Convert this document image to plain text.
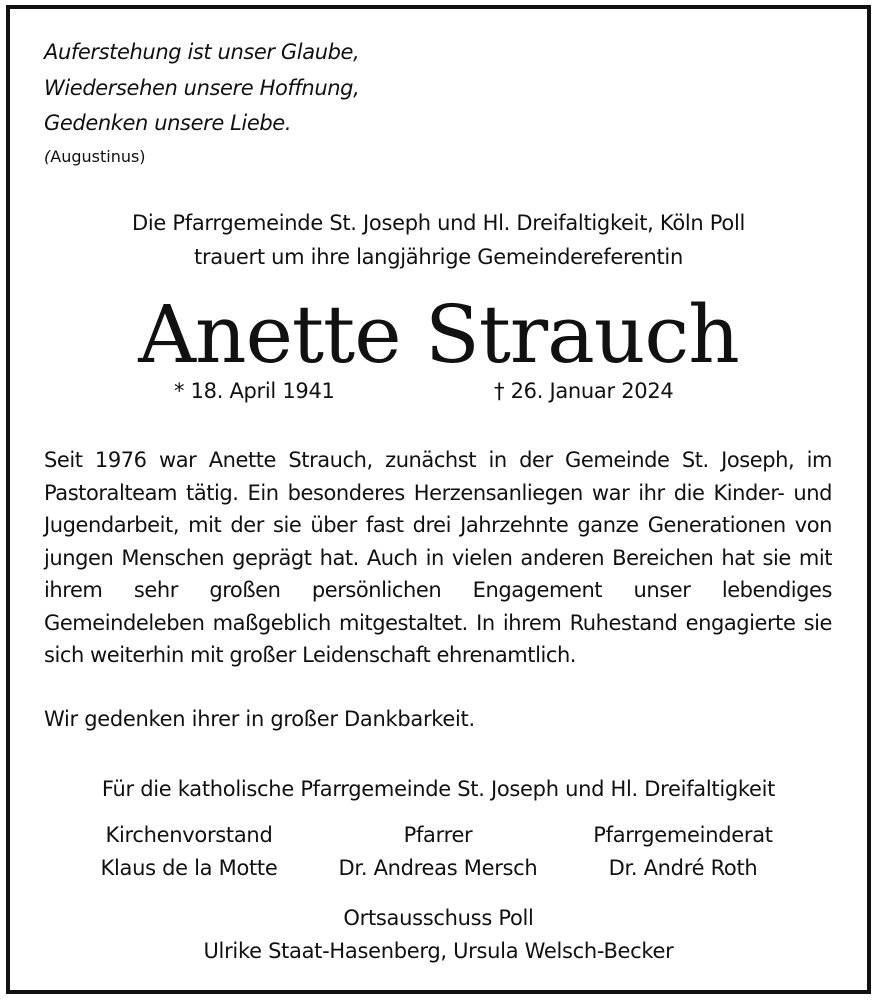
Auferstehung ist unser Glaube,
Wiedersehen unsere Hoffnung,
Gedenken unsere Liebe.
(Augustinus)
Die Pfarrgemeinde St. Joseph und Hl. Dreifaltigkeit, Köln Poll
trauert um ihre langjährige Gemeindereferentin
Anette Strauch
* 18. April 1941	† 26. Januar 2024
Seit 1976 war Anette Strauch, zunächst in der Gemeinde St. Joseph, im Pastoralteam tätig. Ein besonderes Herzensanliegen war ihr die Kinder- und Jugendarbeit, mit der sie über fast drei Jahrzehnte ganze Generationen von jungen Menschen geprägt hat. Auch in vielen anderen Bereichen hat sie mit ihrem sehr großen persönlichen Engagement unser lebendiges Gemeindeleben maßgeblich mitgestaltet. In ihrem Ruhestand engagierte sie sich weiterhin mit großer Leidenschaft ehrenamtlich.
Wir gedenken ihrer in großer Dankbarkeit.
Für die katholische Pfarrgemeinde St. Joseph und Hl. Dreifaltigkeit
Kirchenvorstand
Klaus de la Motte
Pfarrer
Dr. Andreas Mersch
Pfarrgemeinderat
Dr. André Roth
Ortsausschuss Poll
Ulrike Staat-Hasenberg, Ursula Welsch-Becker
